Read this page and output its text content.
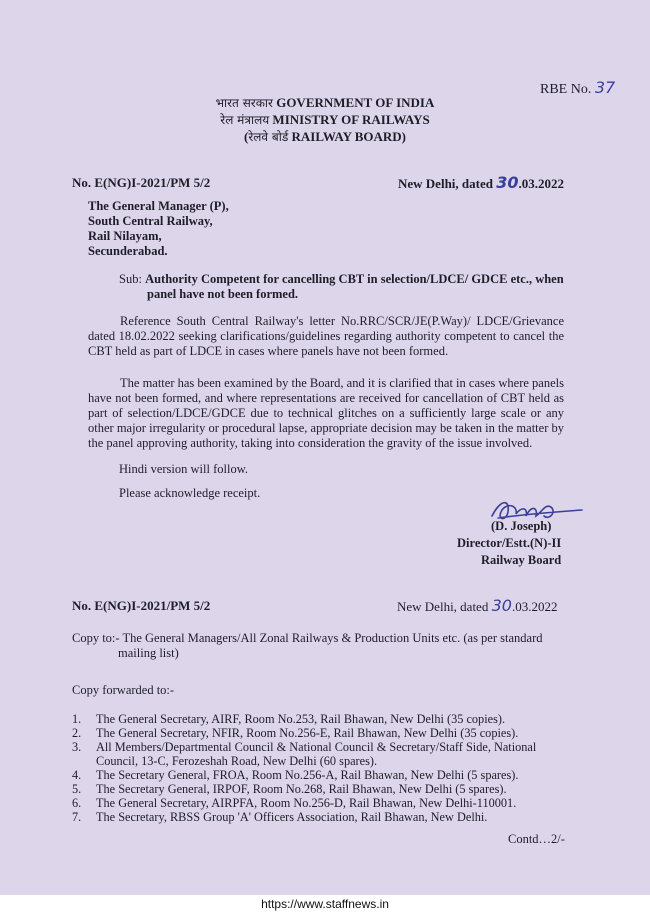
RBE No. 37
भारत सरकार GOVERNMENT OF INDIA
रेल मंत्रालय MINISTRY OF RAILWAYS
(रेलवे बोर्ड RAILWAY BOARD)
No. E(NG)I-2021/PM 5/2	New Delhi, dated 30.03.2022
The General Manager (P),
South Central Railway,
Rail Nilayam,
Secunderabad.
Sub: Authority Competent for cancelling CBT in selection/LDCE/ GDCE etc., when
panel have not been formed.
Reference South Central Railway's letter No.RRC/SCR/JE(P.Way)/ LDCE/Grievance dated 18.02.2022 seeking clarifications/guidelines regarding authority competent to cancel the CBT held as part of LDCE in cases where panels have not been formed.
The matter has been examined by the Board, and it is clarified that in cases where panels have not been formed, and where representations are received for cancellation of CBT held as part of selection/LDCE/GDCE due to technical glitches on a sufficiently large scale or any other major irregularity or procedural lapse, appropriate decision may be taken in the matter by the panel approving authority, taking into consideration the gravity of the issue involved.
Hindi version will follow.
Please acknowledge receipt.
(D. Joseph)
Director/Estt.(N)-II
Railway Board
No. E(NG)I-2021/PM 5/2	New Delhi, dated 30.03.2022
Copy to:- The General Managers/All Zonal Railways & Production Units etc. (as per standard
mailing list)
Copy forwarded to:-
1. The General Secretary, AIRF, Room No.253, Rail Bhawan, New Delhi (35 copies).
2. The General Secretary, NFIR, Room No.256-E, Rail Bhawan, New Delhi (35 copies).
3. All Members/Departmental Council & National Council & Secretary/Staff Side, National
Council, 13-C, Ferozeshah Road, New Delhi (60 spares).
4. The Secretary General, FROA, Room No.256-A, Rail Bhawan, New Delhi (5 spares).
5. The Secretary General, IRPOF, Room No.268, Rail Bhawan, New Delhi (5 spares).
6. The General Secretary, AIRPFA, Room No.256-D, Rail Bhawan, New Delhi-110001.
7. The Secretary, RBSS Group 'A' Officers Association, Rail Bhawan, New Delhi.
Contd…2/-
https://www.staffnews.in
